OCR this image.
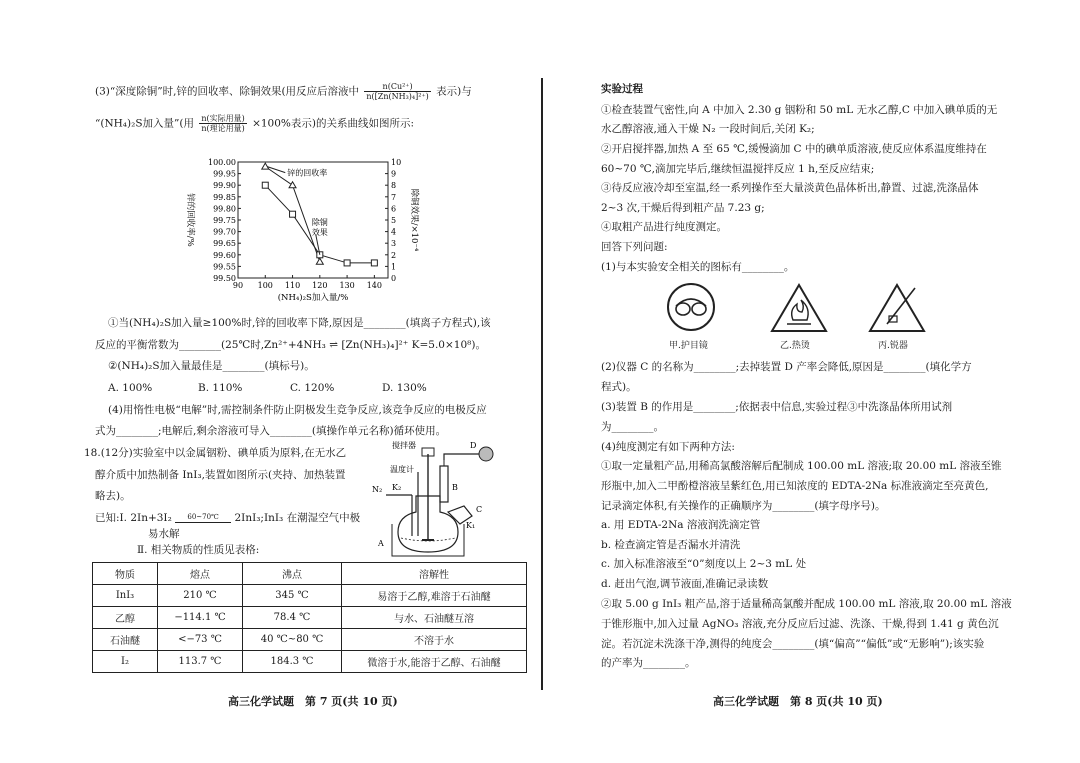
(3)“深度除铜”时,锌的回收率、除铜效果(用反应后溶液中 $\frac{\text{n(Cu²⁺)}}{\text{n([Zn(NH₃)₄]²⁺)}}$ 表示)与
“(NH₄)₂S加入量”(用 $\frac{\text{n(实际用量)}}{\text{n(理论用量)}} \times 100\%$表示)的关系曲线如图所示:
100.00
99.95
99.90
99.85
99.80
99.75
99.70
99.65
99.60
99.55
99.50
10
9
8
7
6
5
4
3
2
1
0
90 100 110 120 130 140
(NH₄)₂S加入量/%
锌的回收率/%	除铜效果/×10⁻⁴
锌的回收率
除铜
效果
①当(NH₄)₂S加入量≥100%时,锌的回收率下降,原因是________(填离子方程式),该
反应的平衡常数为________(25℃时,Zn²⁺+4NH₃ ⇌ [Zn(NH₃)₄]²⁺ K=5.0×10⁸)。
②(NH₄)₂S加入量最佳是________(填标号)。
A. 100%	B. 110%	C. 120%	D. 130%
(4)用惰性电极“电解”时,需控制条件防止阴极发生竞争反应,该竞争反应的电极反应
式为________;电解后,剩余溶液可导入________(填操作单元名称)循环使用。
18.(12分)实验室中以金属铟粉、碘单质为原料,在无水乙
醇介质中加热制备 InI₃,装置如图所示(夹持、加热装置
略去)。
已知:Ⅰ. 2In+3I₂	60~70℃	2InI₃;InI₃ 在潮湿空气中极
易水解
Ⅱ. 相关物质的性质见表格:
搅拌器
温度计
D
N₂ K₂	B
K₁
C
A
物质	熔点	沸点	溶解性
InI₃	210 ℃	345 ℃	易溶于乙醇,难溶于石油醚
乙醇	−114.1 ℃	78.4 ℃	与水、石油醚互溶
石油醚	<−73 ℃	40 ℃~80 ℃	不溶于水
I₂	113.7 ℃	184.3 ℃	微溶于水,能溶于乙醇、石油醚
高三化学试题　第 7 页(共 10 页)
实验过程
①检查装置气密性,向 A 中加入 2.30 g 铟粉和 50 mL 无水乙醇,C 中加入碘单质的无
水乙醇溶液,通入干燥 N₂ 一段时间后,关闭 K₂;
②开启搅拌器,加热 A 至 65 ℃,缓慢滴加 C 中的碘单质溶液,使反应体系温度维持在
60~70 ℃,滴加完毕后,继续恒温搅拌反应 1 h,至反应结束;
③待反应液冷却至室温,经一系列操作至大量淡黄色晶体析出,静置、过滤,洗涤晶体
2~3 次,干燥后得到粗产品 7.23 g;
④取粗产品进行纯度测定。
回答下列问题:
(1)与本实验安全相关的图标有________。
甲.护目镜	乙.热烫	丙.锐器
(2)仪器 C 的名称为________;去掉装置 D 产率会降低,原因是________(填化学方
程式)。
(3)装置 B 的作用是________;依据表中信息,实验过程③中洗涤晶体所用试剂
为________。
(4)纯度测定有如下两种方法:
①取一定量粗产品,用稀高氯酸溶解后配制成 100.00 mL 溶液;取 20.00 mL 溶液至锥
形瓶中,加入二甲酚橙溶液呈紫红色,用已知浓度的 EDTA-2Na 标准液滴定至亮黄色,
记录滴定体积,有关操作的正确顺序为________(填字母序号)。
a. 用 EDTA-2Na 溶液润洗滴定管
b. 检查滴定管是否漏水并清洗
c. 加入标准溶液至“0”刻度以上 2~3 mL 处
d. 赶出气泡,调节液面,准确记录读数
②取 5.00 g InI₃ 粗产品,溶于适量稀高氯酸并配成 100.00 mL 溶液,取 20.00 mL 溶液
于锥形瓶中,加入过量 AgNO₃ 溶液,充分反应后过滤、洗涤、干燥,得到 1.41 g 黄色沉
淀。若沉淀未洗涤干净,测得的纯度会________(填“偏高”“偏低”或“无影响”);该实验
的产率为________。
高三化学试题　第 8 页(共 10 页)
